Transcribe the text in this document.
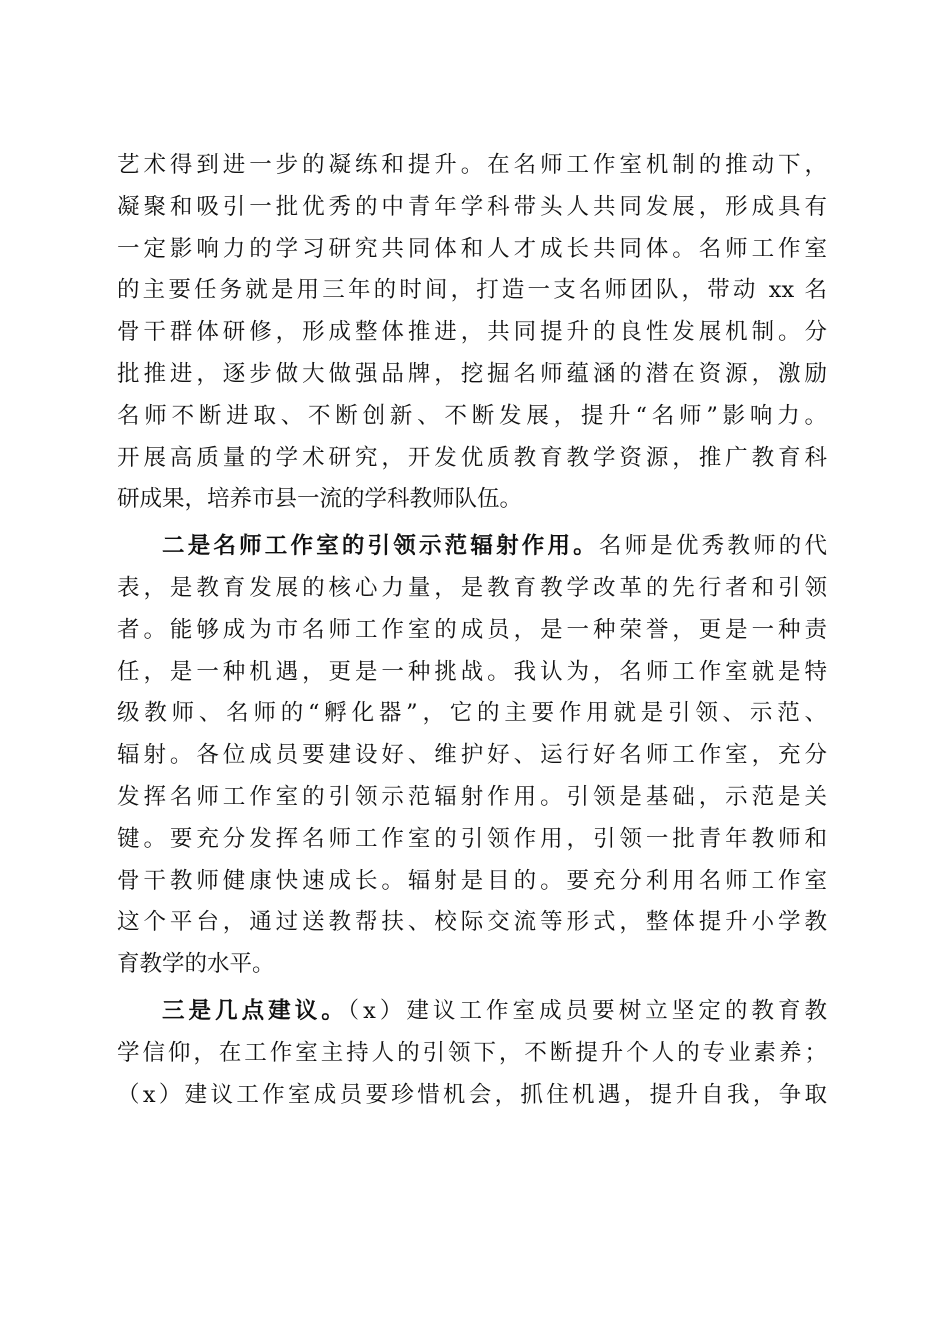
艺术得到进一步的凝练和提升。在名师工作室机制的推动下，
凝聚和吸引一批优秀的中青年学科带头人共同发展，形成具有
一定影响力的学习研究共同体和人才成长共同体。名师工作室
的主要任务就是用三年的时间，打造一支名师团队，带动 xx 名
骨干群体研修，形成整体推进，共同提升的良性发展机制。分
批推进，逐步做大做强品牌，挖掘名师蕴涵的潜在资源，激励
名师不断进取、不断创新、不断发展，提升“名师”影响力。
开展高质量的学术研究，开发优质教育教学资源，推广教育科
研成果，培养市县一流的学科教师队伍。
二是名师工作室的引领示范辐射作用。名师是优秀教师的代
表，是教育发展的核心力量，是教育教学改革的先行者和引领
者。能够成为市名师工作室的成员，是一种荣誉，更是一种责
任，是一种机遇，更是一种挑战。我认为，名师工作室就是特
级教师、名师的“孵化器”，它的主要作用就是引领、示范、
辐射。各位成员要建设好、维护好、运行好名师工作室，充分
发挥名师工作室的引领示范辐射作用。引领是基础，示范是关
键。要充分发挥名师工作室的引领作用，引领一批青年教师和
骨干教师健康快速成长。辐射是目的。要充分利用名师工作室
这个平台，通过送教帮扶、校际交流等形式，整体提升小学教
育教学的水平。
三是几点建议。（x）建议工作室成员要树立坚定的教育教
学信仰，在工作室主持人的引领下，不断提升个人的专业素养；
（x）建议工作室成员要珍惜机会，抓住机遇，提升自我，争取
